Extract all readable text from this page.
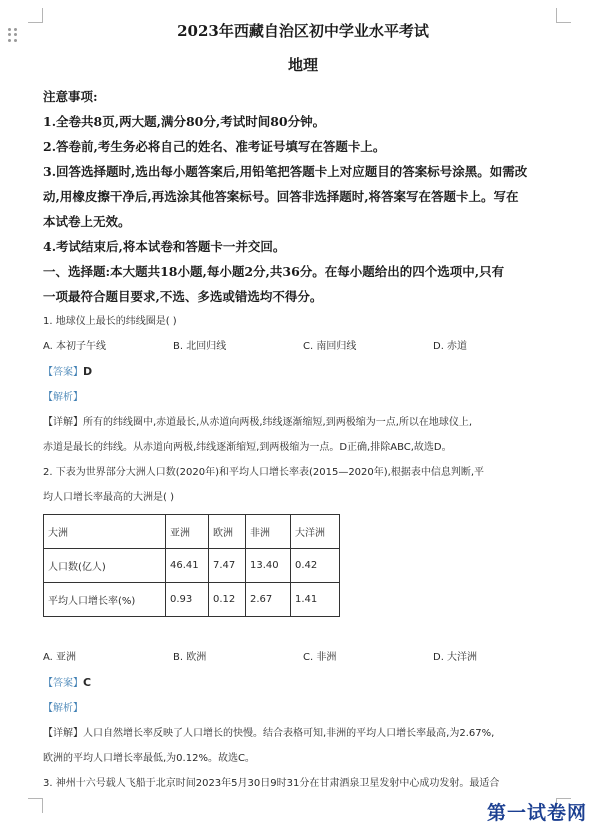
2023年西藏自治区初中学业水平考试
地理
注意事项:
1.全卷共8页,两大题,满分80分,考试时间80分钟。
2.答卷前,考生务必将自己的姓名、准考证号填写在答题卡上。
3.回答选择题时,选出每小题答案后,用铅笔把答题卡上对应题目的答案标号涂黑。如需改
动,用橡皮擦干净后,再选涂其他答案标号。回答非选择题时,将答案写在答题卡上。写在
本试卷上无效。
4.考试结束后,将本试卷和答题卡一并交回。
一、选择题:本大题共18小题,每小题2分,共36分。在每小题给出的四个选项中,只有
一项最符合题目要求,不选、多选或错选均不得分。
1. 地球仪上最长的纬线圈是( )
A. 本初子午线	B. 北回归线	C. 南回归线	D. 赤道
【答案】D
【解析】
【详解】所有的纬线圈中,赤道最长,从赤道向两极,纬线逐渐缩短,到两极缩为一点,所以在地球仪上,
赤道是最长的纬线。从赤道向两极,纬线逐渐缩短,到两极缩为一点。D正确,排除ABC,故选D。
2. 下表为世界部分大洲人口数(2020年)和平均人口增长率表(2015—2020年),根据表中信息判断,平
均人口增长率最高的大洲是( )
大洲	亚洲	欧洲	非洲	大洋洲
人口数(亿人)	46.41	7.47	13.40	0.42
平均人口增长率(%)	0.93	0.12	2.67	1.41
A. 亚洲	B. 欧洲	C. 非洲	D. 大洋洲
【答案】C
【解析】
【详解】人口自然增长率反映了人口增长的快慢。结合表格可知,非洲的平均人口增长率最高,为2.67%,
欧洲的平均人口增长率最低,为0.12%。故选C。
3. 神州十六号载人飞船于北京时间2023年5月30日9时31分在甘肃酒泉卫星发射中心成功发射。最适合
第一试卷网
